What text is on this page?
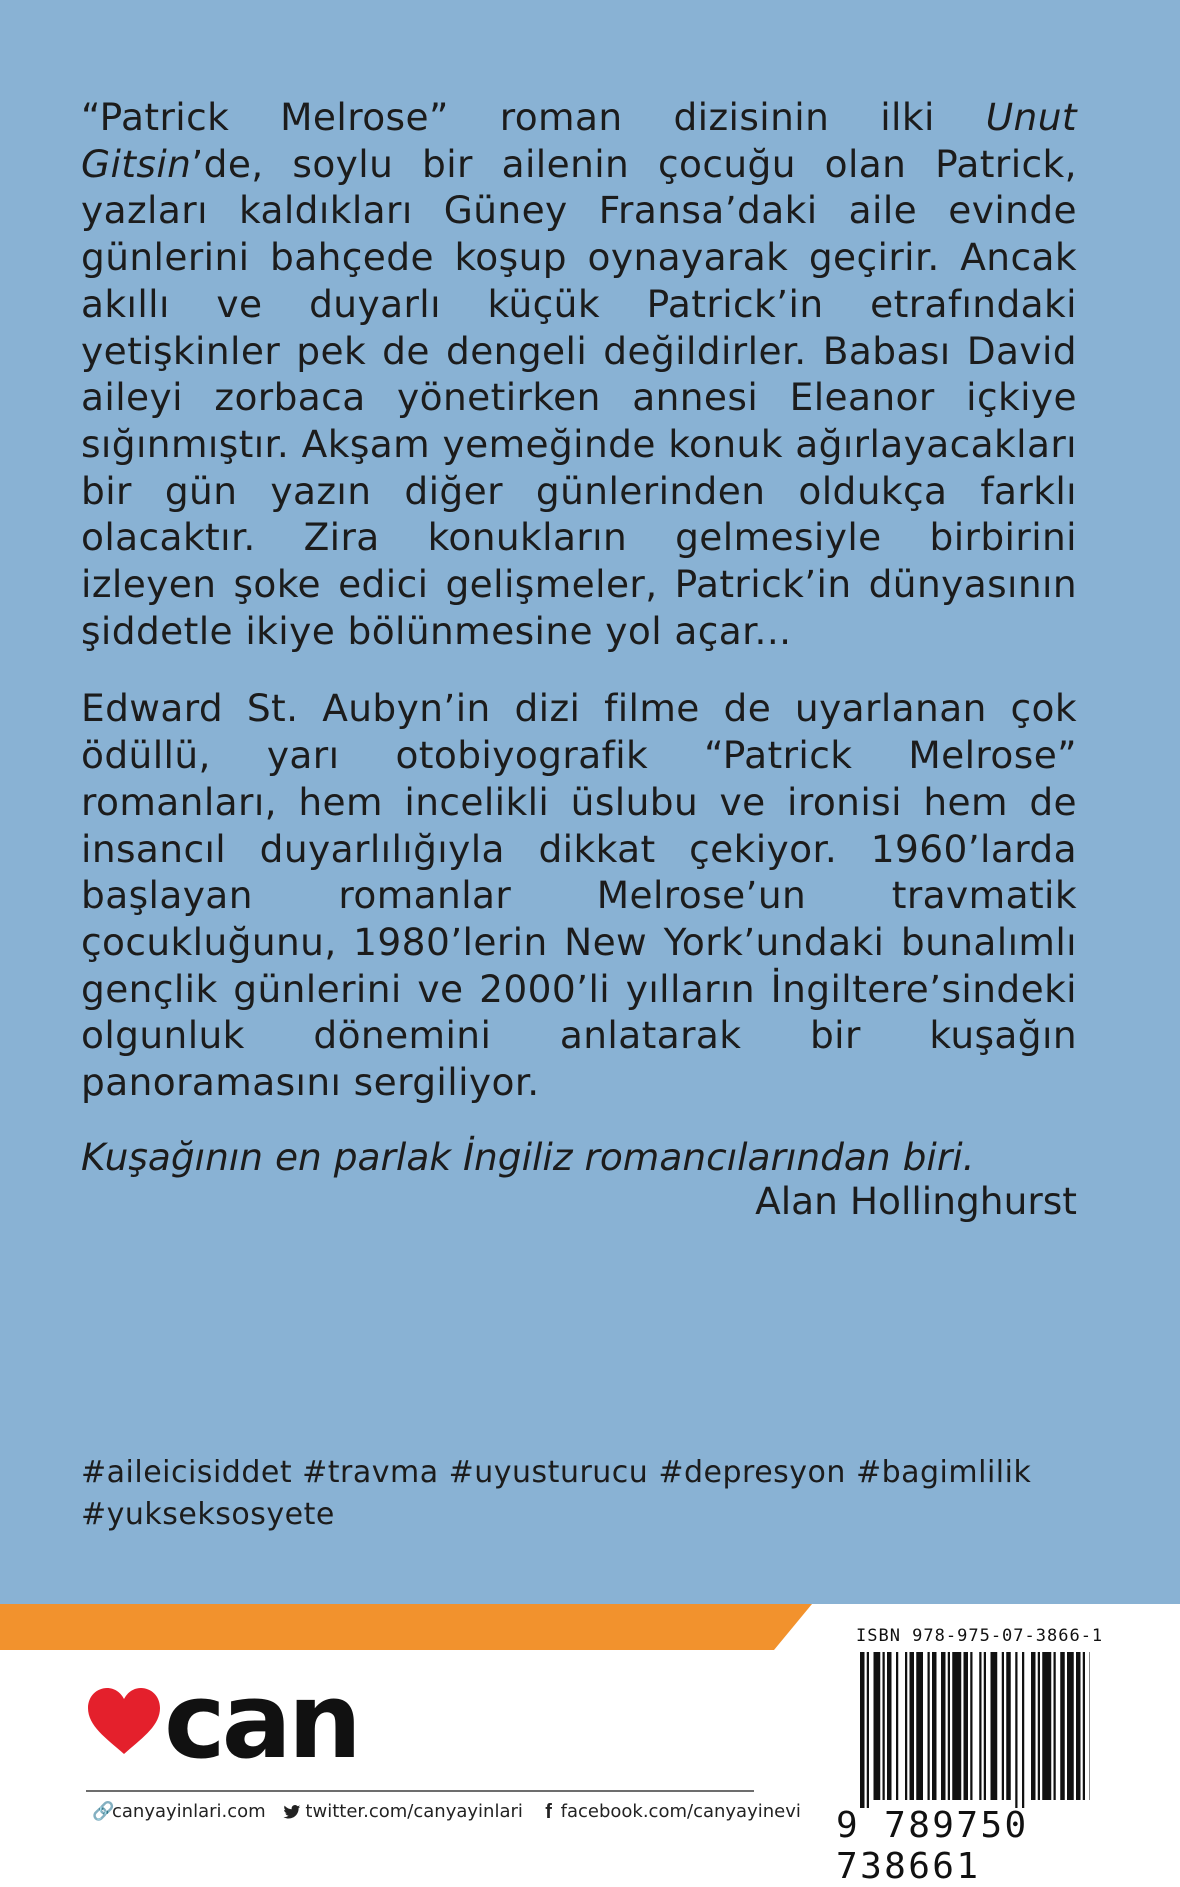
“Patrick Melrose” roman dizisinin ilki Unut Gitsin’de, soylu bir ailenin çocuğu olan Patrick, yazları kaldıkları Güney Fransa’daki aile evinde günlerini bahçede koşup oynayarak geçirir. Ancak akıllı ve duyarlı küçük Patrick’in etrafındaki yetişkinler pek de dengeli değildirler. Babası David aileyi zorbaca yönetirken annesi Eleanor içkiye sığınmıştır. Akşam yemeğinde konuk ağırlayacakları bir gün yazın diğer günlerinden oldukça farklı olacaktır. Zira konukların gelmesiyle birbirini izleyen şoke edici gelişmeler, Patrick’in dünyasının şiddetle ikiye bölünmesine yol açar...

Edward St. Aubyn’in dizi filme de uyarlanan çok ödüllü, yarı otobiyografik “Patrick Melrose” romanları, hem incelikli üslubu ve ironisi hem de insancıl duyarlılığıyla dikkat çekiyor. 1960’larda başlayan romanlar Melrose’un travmatik çocukluğunu, 1980’lerin New York’undaki bunalımlı gençlik günlerini ve 2000’li yılların İngiltere’sindeki olgunluk dönemini anlatarak bir kuşağın panoramasını sergiliyor.

Kuşağının en parlak İngiliz romancılarından biri.
Alan Hollinghurst
#aileicisiddet #travma #uyusturucu #depresyon #bagimlilik
#yukseksosyete
can
🔗canyayinlari.com twitter.com/canyayinlari f facebook.com/canyayinevi
ISBN 978-975-07-3866-1
9 789750 738661
